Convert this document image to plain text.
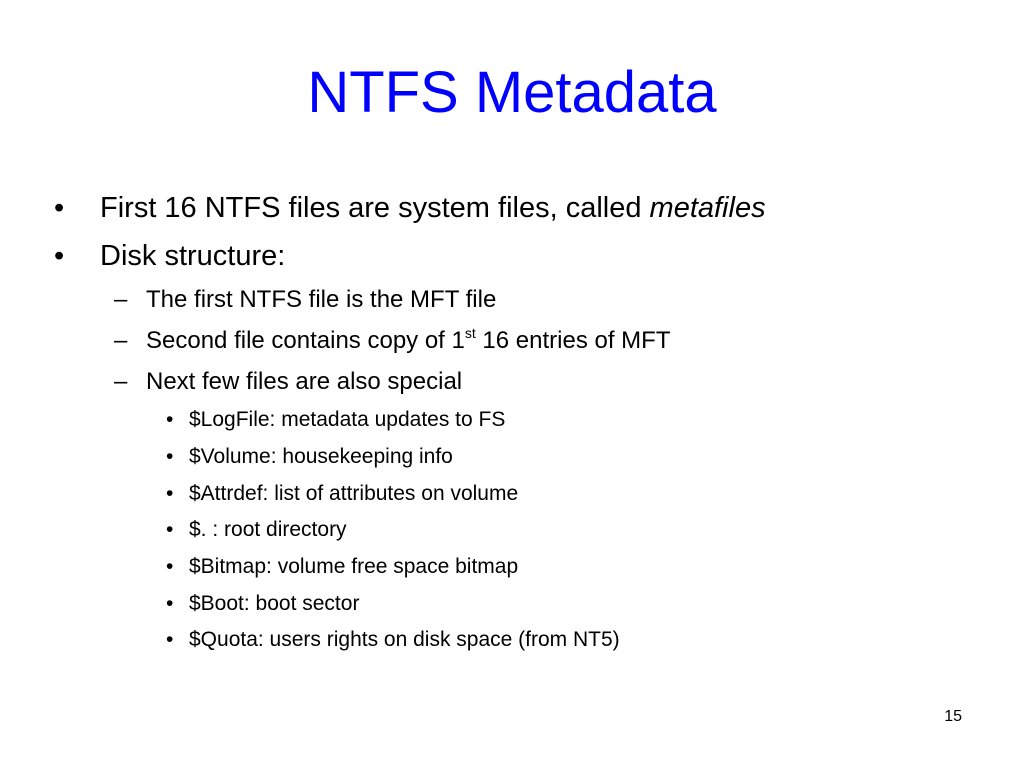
NTFS Metadata
• First 16 NTFS files are system files, called metafiles
• Disk structure:
– The first NTFS file is the MFT file
– Second file contains copy of 1st 16 entries of MFT
– Next few files are also special
• $LogFile: metadata updates to FS
• $Volume: housekeeping info
• $Attrdef: list of attributes on volume
• $. : root directory
• $Bitmap: volume free space bitmap
• $Boot: boot sector
• $Quota: users rights on disk space (from NT5)
15
